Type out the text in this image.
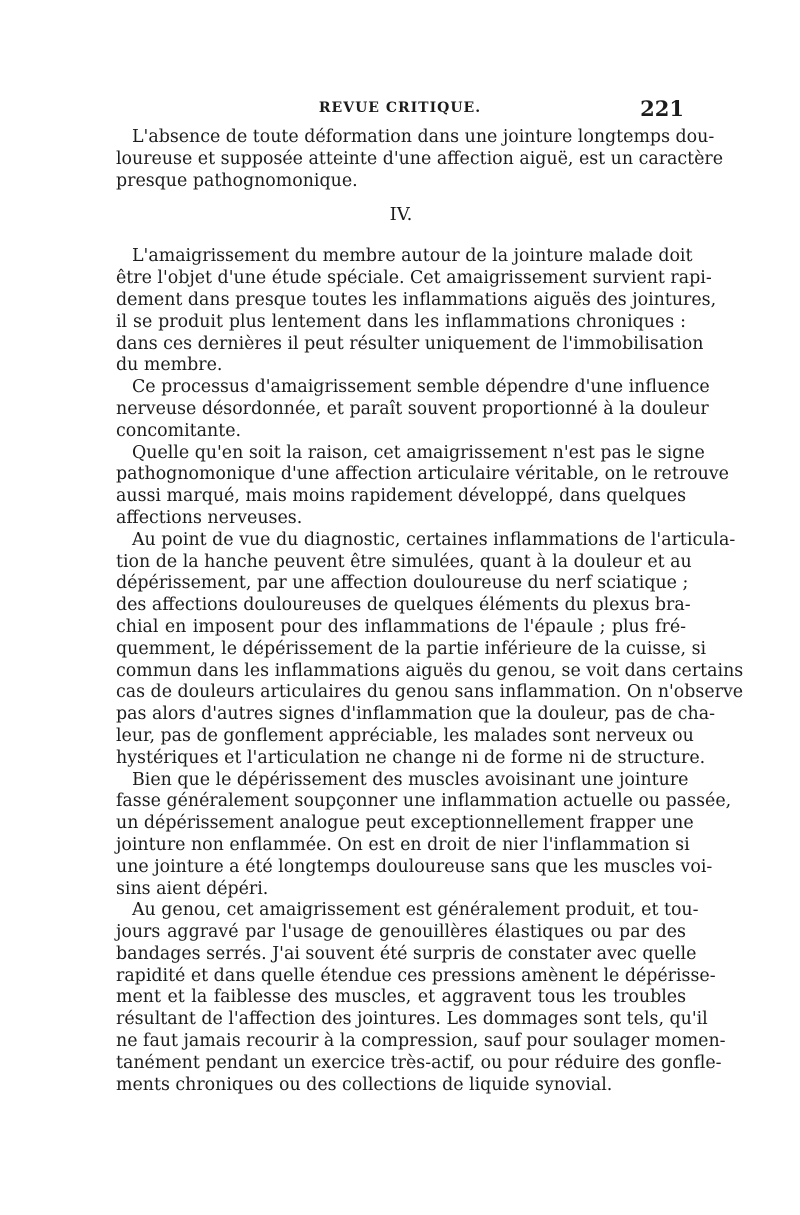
REVUE CRITIQUE.	221
L'absence de toute déformation dans une jointure longtemps dou-
loureuse et supposée atteinte d'une affection aiguë, est un caractère
presque pathognomonique.
IV.
L'amaigrissement du membre autour de la jointure malade doit
être l'objet d'une étude spéciale. Cet amaigrissement survient rapi-
dement dans presque toutes les inflammations aiguës des jointures,
il se produit plus lentement dans les inflammations chroniques :
dans ces dernières il peut résulter uniquement de l'immobilisation
du membre.
Ce processus d'amaigrissement semble dépendre d'une influence
nerveuse désordonnée, et paraît souvent proportionné à la douleur
concomitante.
Quelle qu'en soit la raison, cet amaigrissement n'est pas le signe
pathognomonique d'une affection articulaire véritable, on le retrouve
aussi marqué, mais moins rapidement développé, dans quelques
affections nerveuses.
Au point de vue du diagnostic, certaines inflammations de l'articula-
tion de la hanche peuvent être simulées, quant à la douleur et au
dépérissement, par une affection douloureuse du nerf sciatique ;
des affections douloureuses de quelques éléments du plexus bra-
chial en imposent pour des inflammations de l'épaule ; plus fré-
quemment, le dépérissement de la partie inférieure de la cuisse, si
commun dans les inflammations aiguës du genou, se voit dans certains
cas de douleurs articulaires du genou sans inflammation. On n'observe
pas alors d'autres signes d'inflammation que la douleur, pas de cha-
leur, pas de gonflement appréciable, les malades sont nerveux ou
hystériques et l'articulation ne change ni de forme ni de structure.
Bien que le dépérissement des muscles avoisinant une jointure
fasse généralement soupçonner une inflammation actuelle ou passée,
un dépérissement analogue peut exceptionnellement frapper une
jointure non enflammée. On est en droit de nier l'inflammation si
une jointure a été longtemps douloureuse sans que les muscles voi-
sins aient dépéri.
Au genou, cet amaigrissement est généralement produit, et tou-
jours aggravé par l'usage de genouillères élastiques ou par des
bandages serrés. J'ai souvent été surpris de constater avec quelle
rapidité et dans quelle étendue ces pressions amènent le dépérisse-
ment et la faiblesse des muscles, et aggravent tous les troubles
résultant de l'affection des jointures. Les dommages sont tels, qu'il
ne faut jamais recourir à la compression, sauf pour soulager momen-
tanément pendant un exercice très-actif, ou pour réduire des gonfle-
ments chroniques ou des collections de liquide synovial.
